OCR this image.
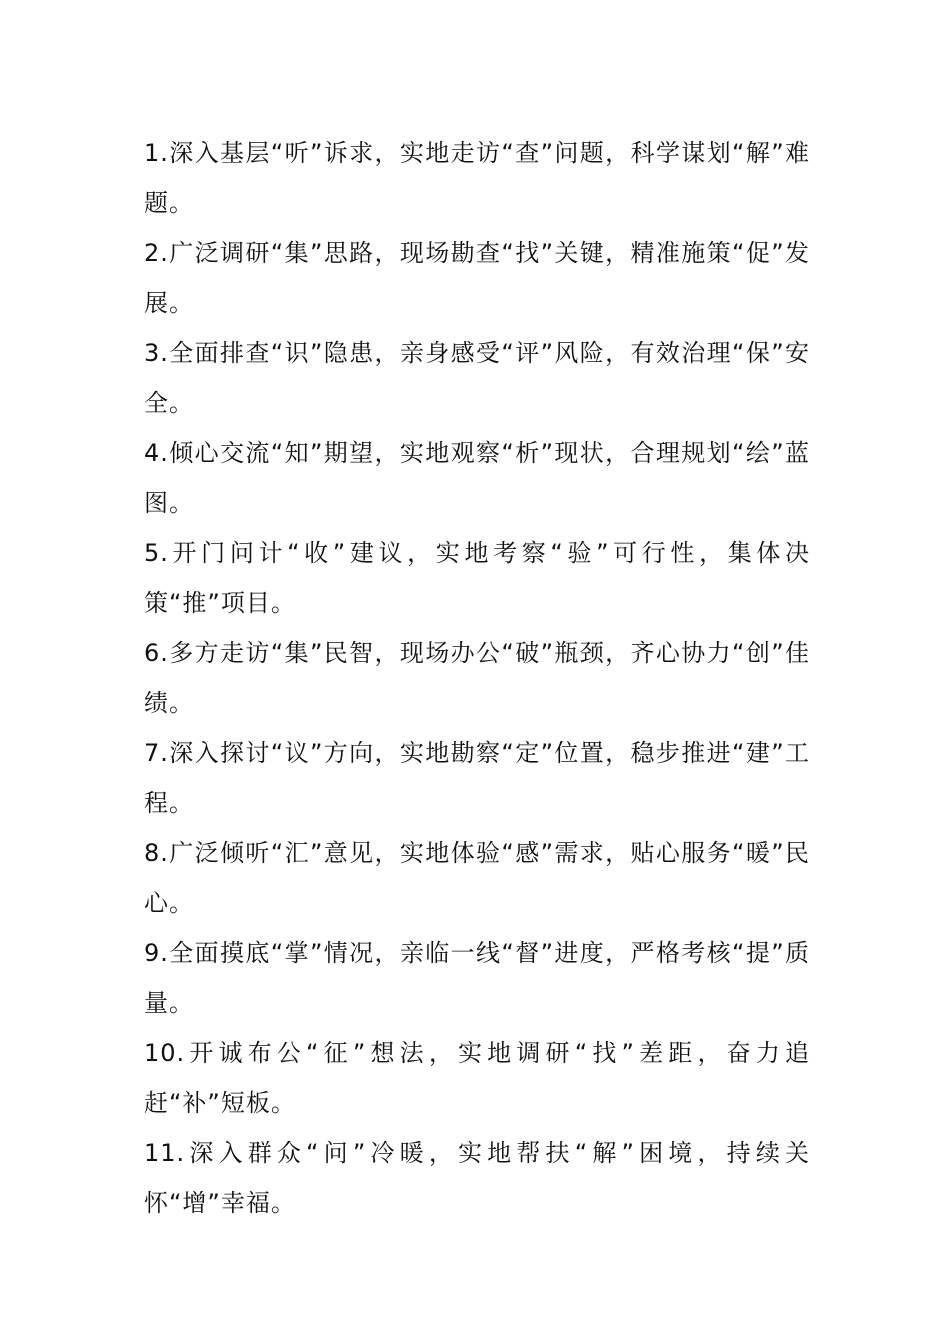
1.深入基层“听”诉求，实地走访“查”问题，科学谋划“解”难题。

2.广泛调研“集”思路，现场勘查“找”关键，精准施策“促”发展。

3.全面排查“识”隐患，亲身感受“评”风险，有效治理“保”安全。

4.倾心交流“知”期望，实地观察“析”现状，合理规划“绘”蓝图。

5.开门问计“收”建议，实地考察“验”可行性，集体决策“推”项目。

6.多方走访“集”民智，现场办公“破”瓶颈，齐心协力“创”佳绩。

7.深入探讨“议”方向，实地勘察“定”位置，稳步推进“建”工程。

8.广泛倾听“汇”意见，实地体验“感”需求，贴心服务“暖”民心。

9.全面摸底“掌”情况，亲临一线“督”进度，严格考核“提”质量。

10.开诚布公“征”想法，实地调研“找”差距，奋力追赶“补”短板。

11.深入群众“问”冷暖，实地帮扶“解”困境，持续关怀“增”幸福。
